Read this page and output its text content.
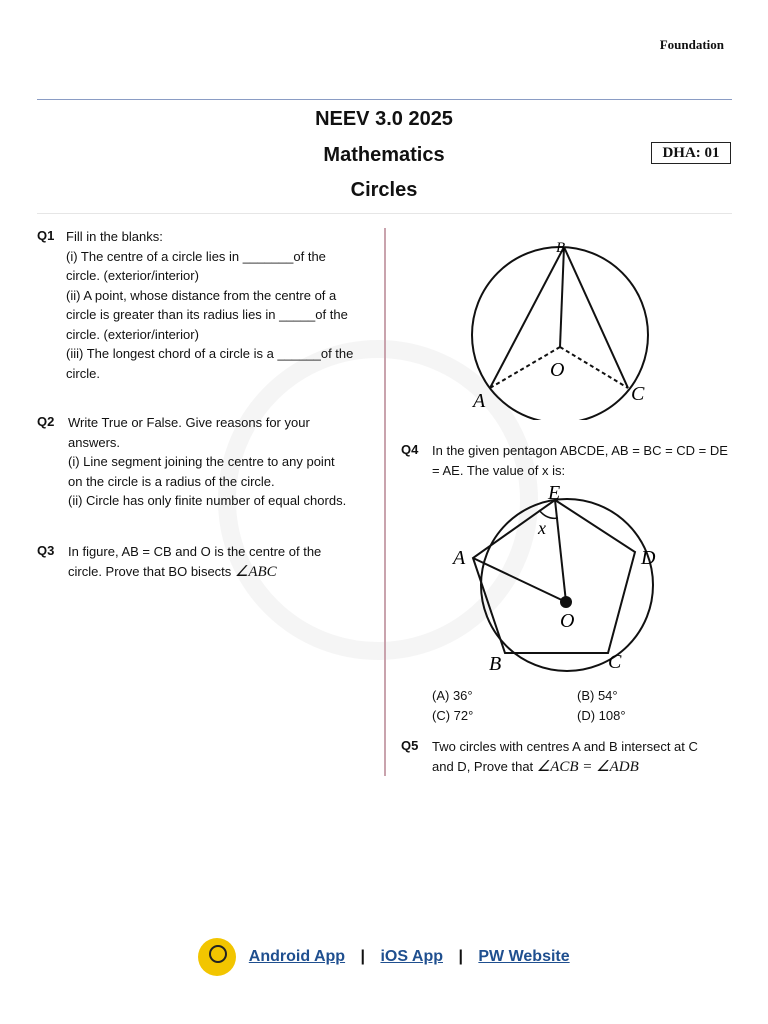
Foundation
NEEV 3.0 2025
Mathematics
Circles
DHA: 01
Q1 Fill in the blanks:
(i) The centre of a circle lies in _______of the
circle. (exterior/interior)
(ii) A point, whose distance from the centre of a
circle is greater than its radius lies in _____of the
circle. (exterior/interior)
(iii) The longest chord of a circle is a ______of the
circle.
Q2 Write True or False. Give reasons for your
answers.
(i) Line segment joining the centre to any point
on the circle is a radius of the circle.
(ii) Circle has only finite number of equal chords.
Q3 In figure, AB = CB and O is the centre of the
circle. Prove that BO bisects ∠ABC
B
O
A	C
Q4 In the given pentagon ABCDE, AB = BC = CD = DE
= AE. The value of x is:
E
x
A	D
O
B	C
(A) 36°	(B) 54°
(C) 72°	(D) 108°
Q5 Two circles with centres A and B intersect at C
and D, Prove that ∠ACB = ∠ADB
Android App | iOS App | PW Website
